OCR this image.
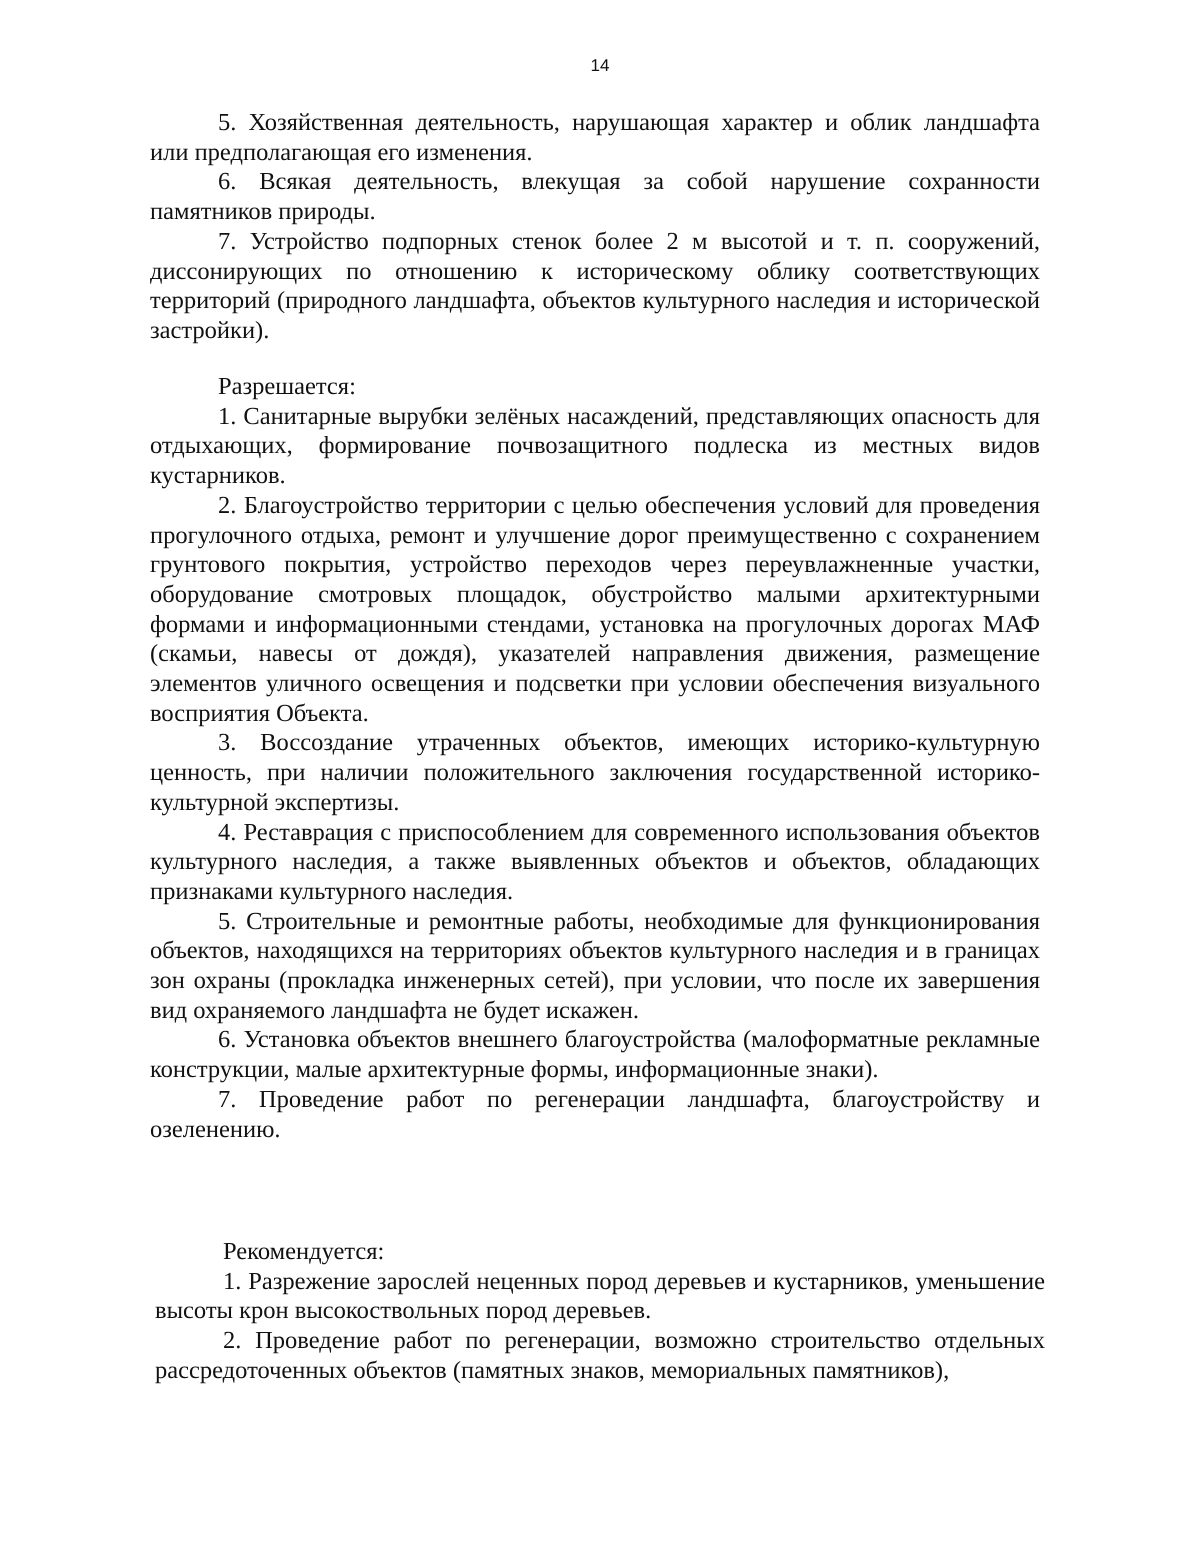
14

5. Хозяйственная деятельность, нарушающая характер и облик ландшафта или предполагающая его изменения.

6. Всякая деятельность, влекущая за собой нарушение сохранности памятников природы.

7. Устройство подпорных стенок более 2 м высотой и т. п. сооружений, диссонирующих по отношению к историческому облику соответствующих территорий (природного ландшафта, объектов культурного наследия и исторической застройки).

Разрешается:

1. Санитарные вырубки зелёных насаждений, представляющих опасность для отдыхающих, формирование почвозащитного подлеска из местных видов кустарников.

2. Благоустройство территории с целью обеспечения условий для проведения прогулочного отдыха, ремонт и улучшение дорог преимущественно с сохранением грунтового покрытия, устройство переходов через переувлажненные участки, оборудование смотровых площадок, обустройство малыми архитектурными формами и информационными стендами, установка на прогулочных дорогах МАФ (скамьи, навесы от дождя), указателей направления движения, размещение элементов уличного освещения и подсветки при условии обеспечения визуального восприятия Объекта.

3. Воссоздание утраченных объектов, имеющих историко-культурную ценность, при наличии положительного заключения государственной историко-культурной экспертизы.

4. Реставрация с приспособлением для современного использования объектов культурного наследия, а также выявленных объектов и объектов, обладающих признаками культурного наследия.

5. Строительные и ремонтные работы, необходимые для функционирования объектов, находящихся на территориях объектов культурного наследия и в границах зон охраны (прокладка инженерных сетей), при условии, что после их завершения вид охраняемого ландшафта не будет искажен.

6. Установка объектов внешнего благоустройства (малоформатные рекламные конструкции, малые архитектурные формы, информационные знаки).

7. Проведение работ по регенерации ландшафта, благоустройству и озеленению.

Рекомендуется:

1. Разрежение зарослей неценных пород деревьев и кустарников, уменьшение высоты крон высокоствольных пород деревьев.

2. Проведение работ по регенерации, возможно строительство отдельных рассредоточенных объектов (памятных знаков, мемориальных памятников),
